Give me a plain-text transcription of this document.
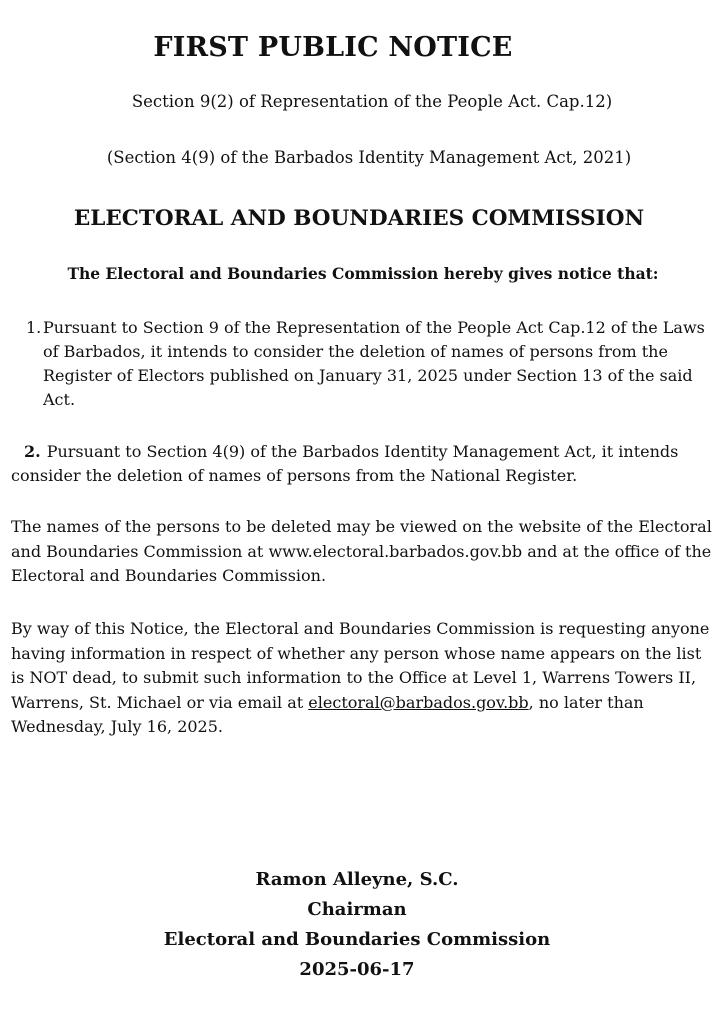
FIRST PUBLIC NOTICE
Section 9(2) of Representation of the People Act. Cap.12)
(Section 4(9) of the Barbados Identity Management Act, 2021)
ELECTORAL AND BOUNDARIES COMMISSION
The Electoral and Boundaries Commission hereby gives notice that:
1. Pursuant to Section 9 of the Representation of the People Act Cap.12 of the Laws of Barbados, it intends to consider the deletion of names of persons from the Register of Electors published on January 31, 2025 under Section 13 of the said Act.
2. Pursuant to Section 4(9) of the Barbados Identity Management Act, it intends consider the deletion of names of persons from the National Register.
The names of the persons to be deleted may be viewed on the website of the Electoral and Boundaries Commission at www.electoral.barbados.gov.bb and at the office of the Electoral and Boundaries Commission.
By way of this Notice, the Electoral and Boundaries Commission is requesting anyone having information in respect of whether any person whose name appears on the list is NOT dead, to submit such information to the Office at Level 1, Warrens Towers II, Warrens, St. Michael or via email at electoral@barbados.gov.bb, no later than Wednesday, July 16, 2025.
Ramon Alleyne, S.C.
Chairman
Electoral and Boundaries Commission
2025-06-17
